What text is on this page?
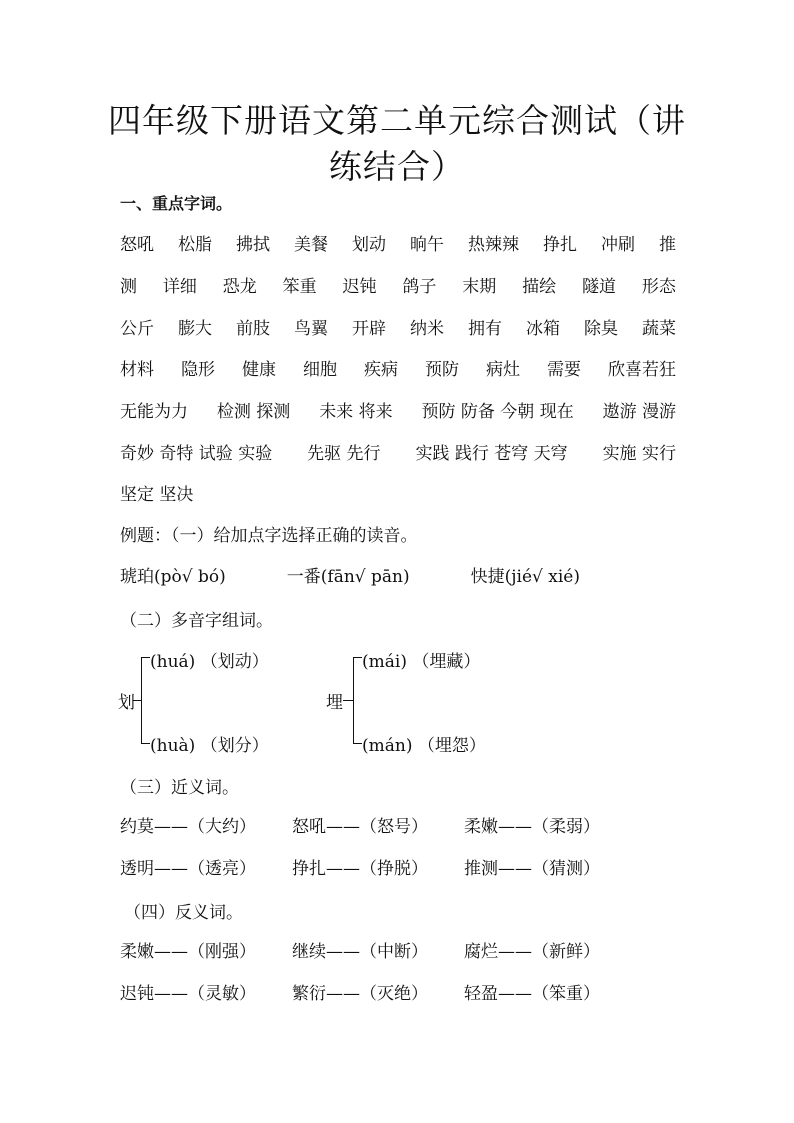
四年级下册语文第二单元综合测试（讲练结合）
一、重点字词。
怒吼 松脂 拂拭 美餐 划动 晌午 热辣辣 挣扎 冲刷 推
测 详细 恐龙 笨重 迟钝 鸽子 末期 描绘 隧道 形态
公斤 膨大 前肢 鸟翼 开辟 纳米 拥有 冰箱 除臭 蔬菜
材料 隐形 健康 细胞 疾病 预防 病灶 需要 欣喜若狂
无能为力 检测 探测 未来 将来 预防 防备 今朝 现在 遨游 漫游
奇妙 奇特 试验 实验 先驱 先行 实践 践行 苍穹 天穹 实施 实行
坚定 坚决
例题：（一）给加点字选择正确的读音。
琥珀(pò√ bó)	一番(fān√ pān)	快捷(jié√ xié)
（二）多音字组词。
划
(huá) （划动）
(huà) （划分）
埋
(mái) （埋藏）
(mán) （埋怨）
（三）近义词。
约莫——（大约） 怒吼——（怒号） 柔嫩——（柔弱）
透明——（透亮） 挣扎——（挣脱） 推测——（猜测）
（四）反义词。
柔嫩——（刚强） 继续——（中断） 腐烂——（新鲜）
迟钝——（灵敏） 繁衍——（灭绝） 轻盈——（笨重）
